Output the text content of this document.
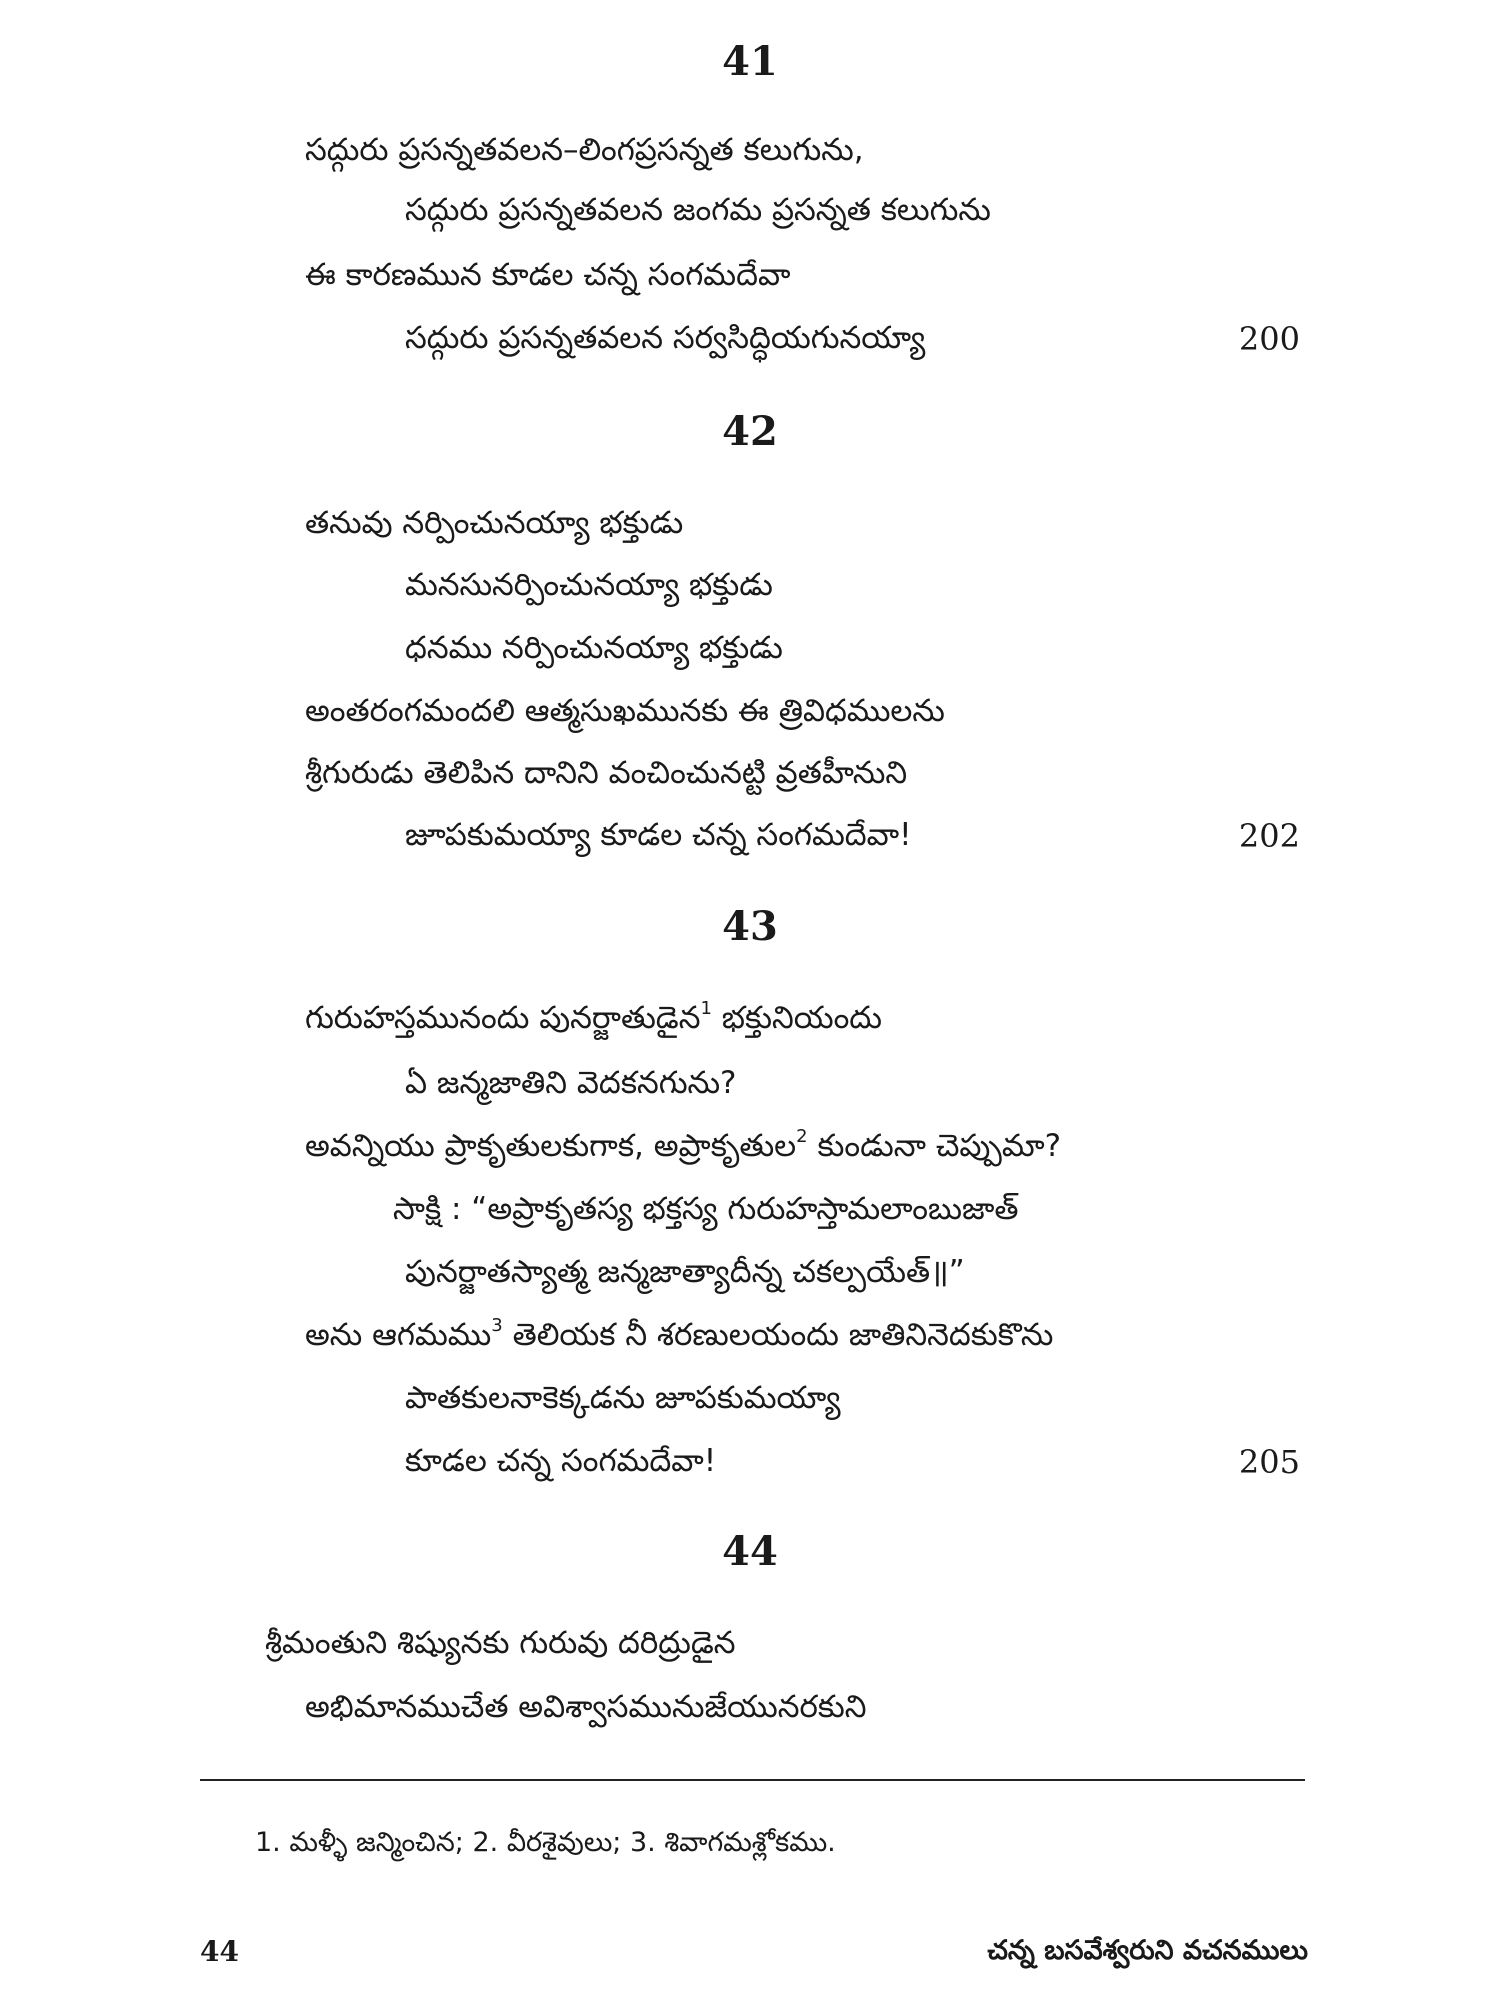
41
సద్గురు ప్రసన్నతవలన–లింగప్రసన్నత కలుగును,
సద్గురు ప్రసన్నతవలన జంగమ ప్రసన్నత కలుగును
ఈ కారణమున కూడల చన్న సంగమదేవా
సద్గురు ప్రసన్నతవలన సర్వసిద్ధియగునయ్యా	200
42
తనువు నర్పించునయ్యా భక్తుడు
మనసునర్పించునయ్యా భక్తుడు
ధనము నర్పించునయ్యా భక్తుడు
అంతరంగమందలి ఆత్మసుఖమునకు ఈ త్రివిధములను
శ్రీగురుడు తెలిపిన దానిని వంచించునట్టి వ్రతహీనుని
జూపకుమయ్యా కూడల చన్న సంగమదేవా!	202
43
గురుహస్తమునందు పునర్జాతుడైన$^1$ భక్తునియందు
ఏ జన్మజాతిని వెదకనగును?
అవన్నియు ప్రాకృతులకుగాక, అప్రాకృతుల$^2$ కుండునా చెప్పుమా?
సాక్షి : “అప్రాకృతస్య భక్తస్య గురుహస్తామలాంబుజాత్
పునర్జాతస్యాత్మ జన్మజాత్యాదీన్న చకల్పయేత్॥”
అను ఆగమము$^3$ తెలియక నీ శరణులయందు జాతినినెదకుకొను
పాతకులనాకెక్కడను జూపకుమయ్యా
కూడల చన్న సంగమదేవా!	205
44
శ్రీమంతుని శిష్యునకు గురువు దరిద్రుడైన
అభిమానముచేత అవిశ్వాసమునుజేయునరకుని
1. మళ్ళీ జన్మించిన; 2. వీరశైవులు; 3. శివాగమశ్లోకము.
44	చన్న బసవేశ్వరుని వచనములు
